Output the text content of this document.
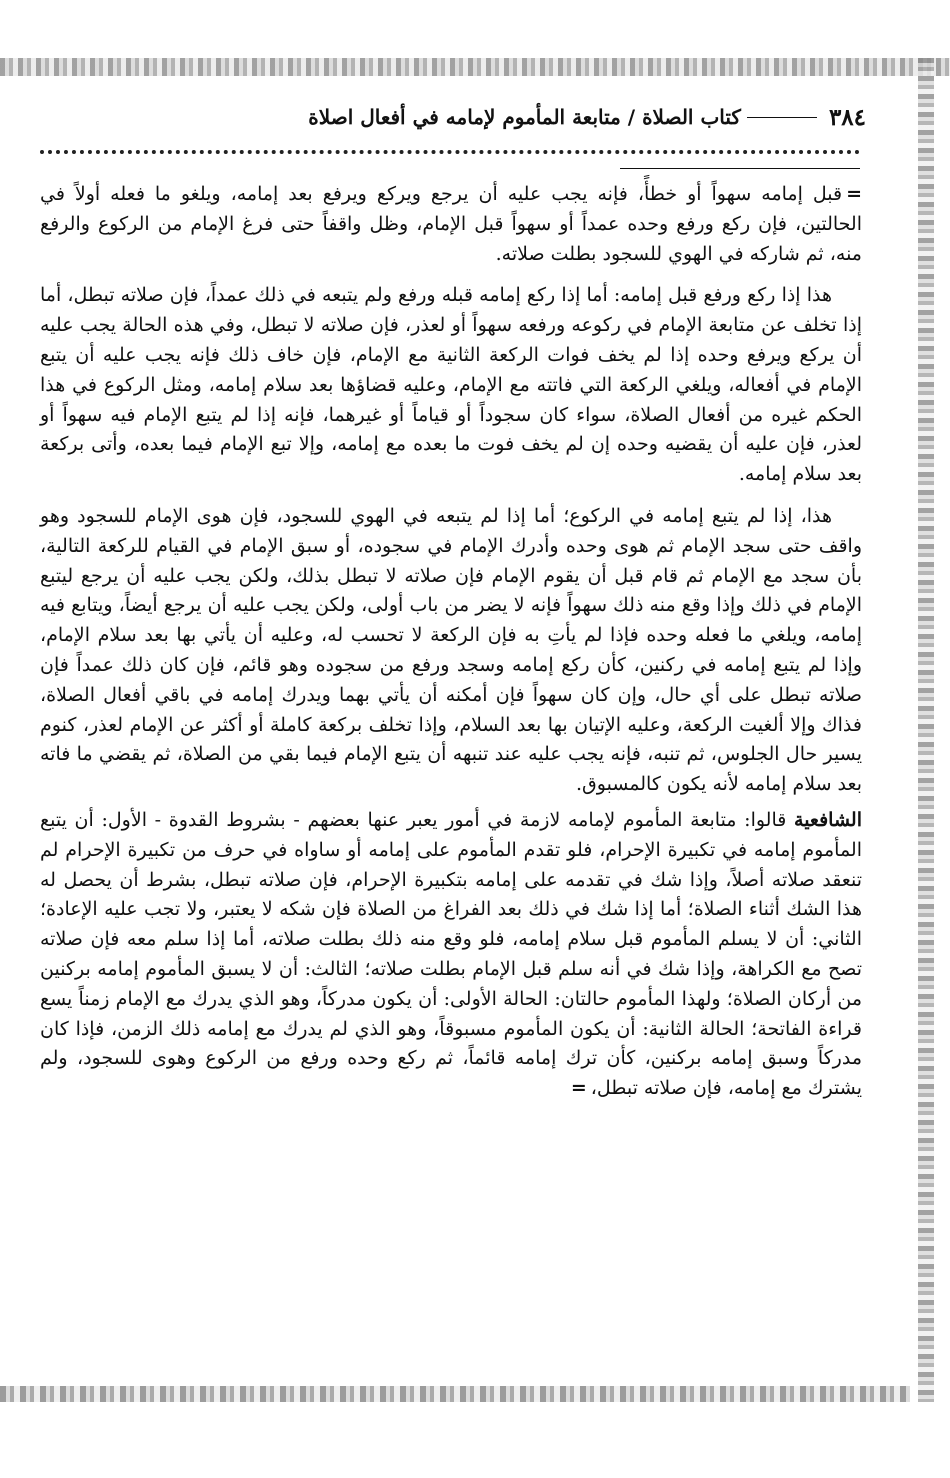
٣٨٤
كتاب الصلاة / متابعة المأموم لإمامه في أفعال اصلاة

=قبل إمامه سهواً أو خطأً، فإنه يجب عليه أن يرجع ويركع ويرفع بعد إمامه، ويلغو ما فعله أولاً في الحالتين، فإن ركع ورفع وحده عمداً أو سهواً قبل الإمام، وظل واقفاً حتى فرغ الإمام من الركوع والرفع منه، ثم شاركه في الهوي للسجود بطلت صلاته.

هذا إذا ركع ورفع قبل إمامه: أما إذا ركع إمامه قبله ورفع ولم يتبعه في ذلك عمداً، فإن صلاته تبطل، أما إذا تخلف عن متابعة الإمام في ركوعه ورفعه سهواً أو لعذر، فإن صلاته لا تبطل، وفي هذه الحالة يجب عليه أن يركع ويرفع وحده إذا لم يخف فوات الركعة الثانية مع الإمام، فإن خاف ذلك فإنه يجب عليه أن يتبع الإمام في أفعاله، ويلغي الركعة التي فاتته مع الإمام، وعليه قضاؤها بعد سلام إمامه، ومثل الركوع في هذا الحكم غيره من أفعال الصلاة، سواء كان سجوداً أو قياماً أو غيرهما، فإنه إذا لم يتبع الإمام فيه سهواً أو لعذر، فإن عليه أن يقضيه وحده إن لم يخف فوت ما بعده مع إمامه، وإلا تبع الإمام فيما بعده، وأتى بركعة بعد سلام إمامه.

هذا، إذا لم يتبع إمامه في الركوع؛ أما إذا لم يتبعه في الهوي للسجود، فإن هوى الإمام للسجود وهو واقف حتى سجد الإمام ثم هوى وحده وأدرك الإمام في سجوده، أو سبق الإمام في القيام للركعة التالية، بأن سجد مع الإمام ثم قام قبل أن يقوم الإمام فإن صلاته لا تبطل بذلك، ولكن يجب عليه أن يرجع ليتبع الإمام في ذلك وإذا وقع منه ذلك سهواً فإنه لا يضر من باب أولى، ولكن يجب عليه أن يرجع أيضاً، ويتابع فيه إمامه، ويلغي ما فعله وحده فإذا لم يأتِ به فإن الركعة لا تحسب له، وعليه أن يأتي بها بعد سلام الإمام، وإذا لم يتبع إمامه في ركنين، كأن ركع إمامه وسجد ورفع من سجوده وهو قائم، فإن كان ذلك عمداً فإن صلاته تبطل على أي حال، وإن كان سهواً فإن أمكنه أن يأتي بهما ويدرك إمامه في باقي أفعال الصلاة، فذاك وإلا ألغيت الركعة، وعليه الإتيان بها بعد السلام، وإذا تخلف بركعة كاملة أو أكثر عن الإمام لعذر، كنوم يسير حال الجلوس، ثم تنبه، فإنه يجب عليه عند تنبهه أن يتبع الإمام فيما بقي من الصلاة، ثم يقضي ما فاته بعد سلام إمامه لأنه يكون كالمسبوق.

الشافعية قالوا: متابعة المأموم لإمامه لازمة في أمور يعبر عنها بعضهم - بشروط القدوة - الأول: أن يتبع المأموم إمامه في تكبيرة الإحرام، فلو تقدم المأموم على إمامه أو ساواه في حرف من تكبيرة الإحرام لم تنعقد صلاته أصلاً، وإذا شك في تقدمه على إمامه بتكبيرة الإحرام، فإن صلاته تبطل، بشرط أن يحصل له هذا الشك أثناء الصلاة؛ أما إذا شك في ذلك بعد الفراغ من الصلاة فإن شكه لا يعتبر، ولا تجب عليه الإعادة؛ الثاني: أن لا يسلم المأموم قبل سلام إمامه، فلو وقع منه ذلك بطلت صلاته، أما إذا سلم معه فإن صلاته تصح مع الكراهة، وإذا شك في أنه سلم قبل الإمام بطلت صلاته؛ الثالث: أن لا يسبق المأموم إمامه بركنين من أركان الصلاة؛ ولهذا المأموم حالتان: الحالة الأولى: أن يكون مدركاً، وهو الذي يدرك مع الإمام زمناً يسع قراءة الفاتحة؛ الحالة الثانية: أن يكون المأموم مسبوقاً، وهو الذي لم يدرك مع إمامه ذلك الزمن، فإذا كان مدركاً وسبق إمامه بركنين، كأن ترك إمامه قائماً، ثم ركع وحده ورفع من الركوع وهوى للسجود، ولم يشترك مع إمامه، فإن صلاته تبطل،=
